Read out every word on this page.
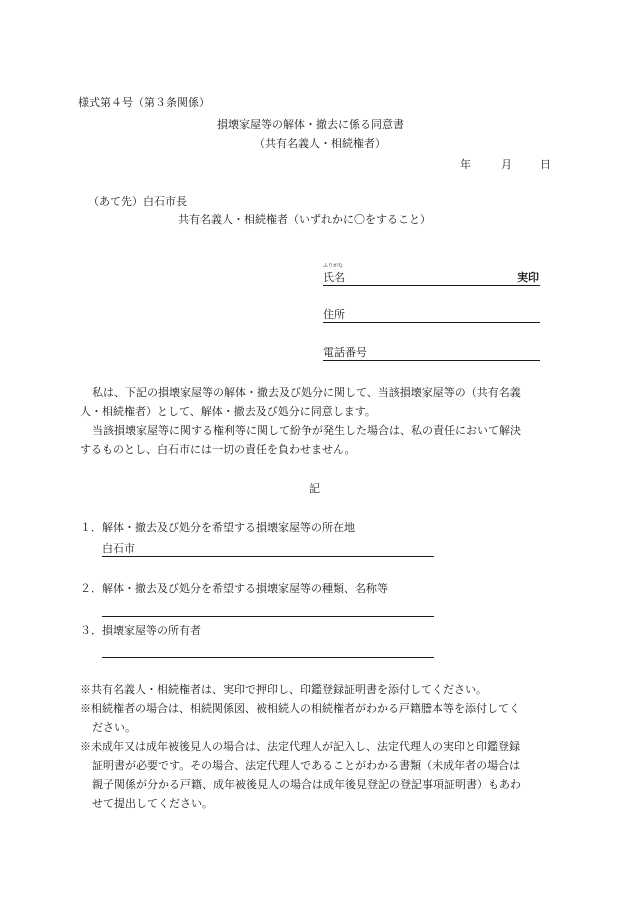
様式第４号（第３条関係）
損壊家屋等の解体・撤去に係る同意書
（共有名義人・相続権者）
年	月	日
（あて先）白石市長
共有名義人・相続権者（いずれかに〇をすること）
ふりがな
氏名	実印
住所
電話番号
私は、下記の損壊家屋等の解体・撤去及び処分に関して、当該損壊家屋等の（共有名義
人・相続権者）として、解体・撤去及び処分に同意します。
当該損壊家屋等に関する権利等に関して紛争が発生した場合は、私の責任において解決
するものとし、白石市には一切の責任を負わせません。
記
１．解体・撤去及び処分を希望する損壊家屋等の所在地
白石市
２．解体・撤去及び処分を希望する損壊家屋等の種類、名称等
３．損壊家屋等の所有者
※共有名義人・相続権者は、実印で押印し、印鑑登録証明書を添付してください。
※相続権者の場合は、相続関係図、被相続人の相続権者がわかる戸籍謄本等を添付してく
ださい。
※未成年又は成年被後見人の場合は、法定代理人が記入し、法定代理人の実印と印鑑登録
証明書が必要です。その場合、法定代理人であることがわかる書類（未成年者の場合は
親子関係が分かる戸籍、成年被後見人の場合は成年後見登記の登記事項証明書）もあわ
せて提出してください。
